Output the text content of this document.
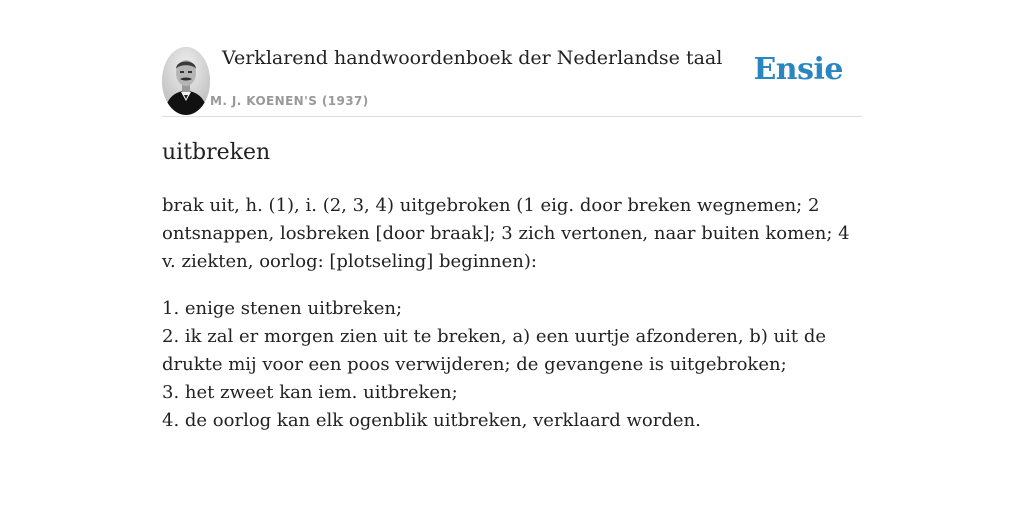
Verklarend handwoordenboek der Nederlandse taal
M. J. KOENEN'S (1937)
Ensie
uitbreken

brak uit, h. (1), i. (2, 3, 4) uitgebroken (1 eig. door breken wegnemen; 2 ontsnappen, losbreken [door braak]; 3 zich vertonen, naar buiten komen; 4 v. ziekten, oorlog: [plotseling] beginnen):

1. enige stenen uitbreken;
2. ik zal er morgen zien uit te breken, a) een uurtje afzonderen, b) uit de drukte mij voor een poos verwijderen; de gevangene is uitgebroken;
3. het zweet kan iem. uitbreken;
4. de oorlog kan elk ogenblik uitbreken, verklaard worden.
